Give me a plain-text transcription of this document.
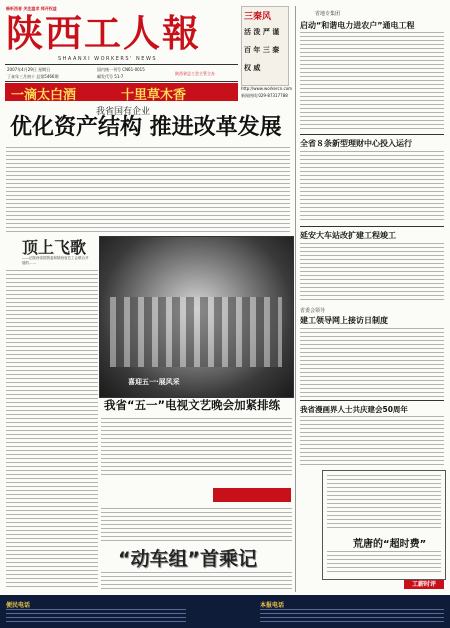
畅听西音 关注温求 拜开权益
陕西工人報
SHAANXI WORKERS' NEWS
2007年4月29日 星期日
丁亥年三月初十 总第5466期
国内统一刊号 CN61-0015
邮发代号 51-7
陕西省总工会主管主办
一滴太白酒	十里草木香
三秦风
活 泼 严 谨
百 年 三 秦
权 威
http://www.workercn.com
新闻热线:029-87317788
我省国有企业
优化资产结构 推进改革发展
顶上飞歌
——记陕西省国资委和陕西省总工会联合开展的……
喜迎五一·展风采
我省“五一”电视文艺晚会加紧排练
“动车组”首乘记
省地专集团
启动“和谐电力进农户”通电工程
全省８条新型理财中心投入运行
延安大车站改扩建工程竣工
省委会领导
建工领导网上接访日制度
我省漫画界人士共庆建会50周年
荒唐的“超时费”
工薪时评
便民电话	本报电话
